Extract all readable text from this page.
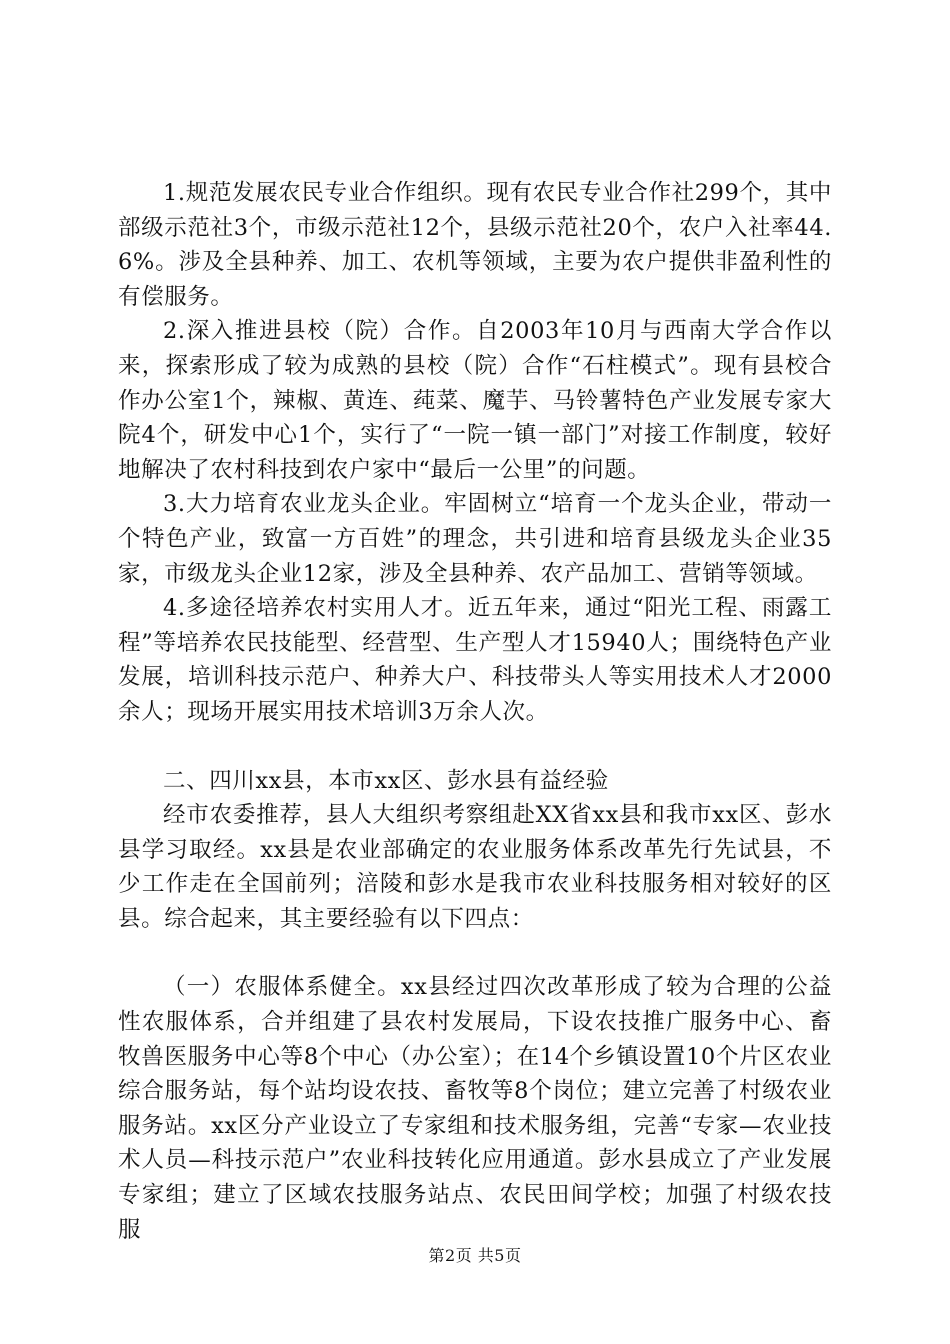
1.规范发展农民专业合作组织。现有农民专业合作社299个，其中部级示范社3个，市级示范社12个，县级示范社20个，农户入社率44.6%。涉及全县种养、加工、农机等领域，主要为农户提供非盈利性的有偿服务。

2.深入推进县校（院）合作。自2003年10月与西南大学合作以来，探索形成了较为成熟的县校（院）合作“石柱模式”。现有县校合作办公室1个，辣椒、黄连、莼菜、魔芋、马铃薯特色产业发展专家大院4个，研发中心1个，实行了“一院一镇一部门”对接工作制度，较好地解决了农村科技到农户家中“最后一公里”的问题。

3.大力培育农业龙头企业。牢固树立“培育一个龙头企业，带动一个特色产业，致富一方百姓”的理念，共引进和培育县级龙头企业35家，市级龙头企业12家，涉及全县种养、农产品加工、营销等领域。

4.多途径培养农村实用人才。近五年来，通过“阳光工程、雨露工程”等培养农民技能型、经营型、生产型人才15940人；围绕特色产业发展，培训科技示范户、种养大户、科技带头人等实用技术人才2000余人；现场开展实用技术培训3万余人次。

二、四川xx县，本市xx区、彭水县有益经验

经市农委推荐，县人大组织考察组赴XX省xx县和我市xx区、彭水县学习取经。xx县是农业部确定的农业服务体系改革先行先试县，不少工作走在全国前列；涪陵和彭水是我市农业科技服务相对较好的区县。综合起来，其主要经验有以下四点：

（一）农服体系健全。xx县经过四次改革形成了较为合理的公益性农服体系，合并组建了县农村发展局，下设农技推广服务中心、畜牧兽医服务中心等8个中心（办公室）；在14个乡镇设置10个片区农业综合服务站，每个站均设农技、畜牧等8个岗位；建立完善了村级农业服务站。xx区分产业设立了专家组和技术服务组，完善“专家—农业技术人员—科技示范户”农业科技转化应用通道。彭水县成立了产业发展专家组；建立了区域农技服务站点、农民田间学校；加强了村级农技服

第2页 共5页
